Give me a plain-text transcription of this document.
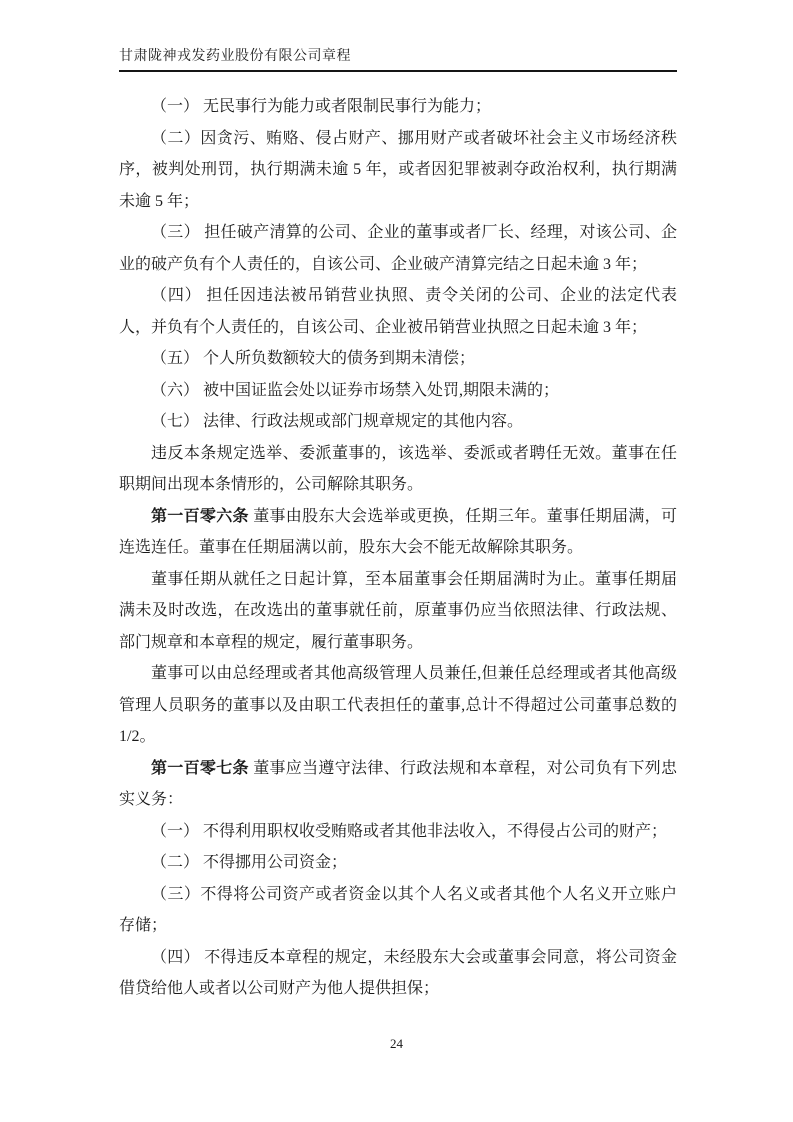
甘肃陇神戎发药业股份有限公司章程

（一） 无民事行为能力或者限制民事行为能力；

（二）因贪污、贿赂、侵占财产、挪用财产或者破坏社会主义市场经济秩序，被判处刑罚，执行期满未逾 5 年，或者因犯罪被剥夺政治权利，执行期满未逾 5 年；

（三） 担任破产清算的公司、企业的董事或者厂长、经理，对该公司、企业的破产负有个人责任的，自该公司、企业破产清算完结之日起未逾 3 年；

（四） 担任因违法被吊销营业执照、责令关闭的公司、企业的法定代表人，并负有个人责任的，自该公司、企业被吊销营业执照之日起未逾 3 年；

（五） 个人所负数额较大的债务到期未清偿；

（六） 被中国证监会处以证券市场禁入处罚,期限未满的；

（七） 法律、行政法规或部门规章规定的其他内容。

违反本条规定选举、委派董事的，该选举、委派或者聘任无效。董事在任职期间出现本条情形的，公司解除其职务。

第一百零六条 董事由股东大会选举或更换，任期三年。董事任期届满，可连选连任。董事在任期届满以前，股东大会不能无故解除其职务。

董事任期从就任之日起计算，至本届董事会任期届满时为止。董事任期届满未及时改选，在改选出的董事就任前，原董事仍应当依照法律、行政法规、部门规章和本章程的规定，履行董事职务。

董事可以由总经理或者其他高级管理人员兼任,但兼任总经理或者其他高级管理人员职务的董事以及由职工代表担任的董事,总计不得超过公司董事总数的1/2。

第一百零七条 董事应当遵守法律、行政法规和本章程，对公司负有下列忠实义务：

（一） 不得利用职权收受贿赂或者其他非法收入，不得侵占公司的财产；

（二） 不得挪用公司资金；

（三）不得将公司资产或者资金以其个人名义或者其他个人名义开立账户存储；

（四） 不得违反本章程的规定，未经股东大会或董事会同意，将公司资金借贷给他人或者以公司财产为他人提供担保；

24
